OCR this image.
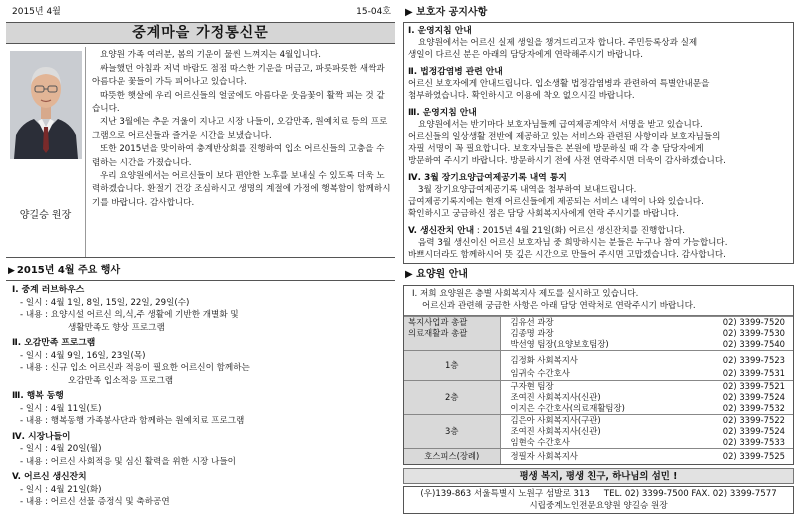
2015년 4월	15-04호
중계마을 가정통신문
양길승 원장

요양원 가족 여러분, 봄의 기운이 물씬 느껴지는 4월입니다.

싸늘했던 아침과 저녁 바람도 점점 따스한 기운을 머금고, 파릇파릇한 새싹과 아름다운 꽃들이 가득 피어나고 있습니다.

따뜻한 햇살에 우리 어르신들의 얼굴에도 아름다운 웃음꽃이 활짝 피는 것 같습니다.

지난 3월에는 추운 겨울이 지나고 시장 나들이, 오감만족, 원예치료 등의 프로그램으로 어르신들과 즐거운 시간을 보냈습니다.

또한 2015년을 맞이하여 충계반상회를 진행하여 입소 어르신들의 고충을 수렴하는 시간을 가졌습니다.

우리 요양원에서는 어르신들이 보다 편안한 노후를 보내실 수 있도록 더욱 노력하겠습니다. 환절기 건강 조심하시고 생명의 계절에 가정에 행복함이 함께하시기를 바랍니다. 감사합니다.

▶ 2015년 4월 주요 행사
I. 중계 러브하우스
- 일시 : 4월 1일, 8일, 15일, 22일, 29일(수)
- 내용 : 요양시설 어르신 의,식,주 생활에 기반한 개별화 및
생활만족도 향상 프로그램
Ⅱ. 오감만족 프로그램
- 일시 : 4월 9일, 16일, 23일(목)
- 내용 : 신규 입소 어르신과 적응이 필요한 어르신이 함께하는
오감만족 입소적응 프로그램
Ⅲ. 행복 동행
- 일시 : 4월 11일(토)
- 내용 : 행복동행 가족봉사단과 함께하는 원예치료 프로그램
Ⅳ. 시장나들이
- 일시 : 4월 20일(월)
- 내용 : 어르신 사회적응 및 심신 활력을 위한 시장 나들이
V. 어르신 생신잔치
- 일시 : 4월 21일(화)
- 내용 : 어르신 선물 증정식 및 축하공연
▶ 보호자 공지사항
I. 운영지침 안내
요양원에서는 어르신 실제 생일을 챙겨드리고자 합니다. 주민등록상과 실제
생일이 다르신 분은 아래의 담당자에게 연락해주시기 바랍니다.
Ⅱ. 법정감염병 관련 안내
어르신 보호자에게 안내드립니다. 입소생활 법정감염병과 관련하여 특별안내문을
첨부하였습니다. 확인하시고 이용에 착오 없으시길 바랍니다.
Ⅲ. 운영지침 안내
요양원에서는 반기마다 보호자님들께 급여제공계약서 서명을 받고 있습니다.
어르신들의 일상생활 전반에 제공하고 있는 서비스와 관련된 사항이라 보호자님들의
자필 서명이 꼭 필요합니다. 보호자님들은 본원에 방문하실 때 각 층 담당자에게
방문하여 주시기 바랍니다. 방문하시기 전에 사전 연락주시면 더욱이 감사하겠습니다.
Ⅳ. 3월 장기요양급여제공기록 내역 통지
3월 장기요양급여제공기록 내역을 첨부하여 보내드립니다.
급여제공기록지에는 현재 어르신들에게 제공되는 서비스 내역이 나와 있습니다.
확인하시고 궁금하신 점은 담당 사회복지사에게 연락 주시기를 바랍니다.
V. 생신잔치 안내 : 2015년 4월 21일(화) 어르신 생신잔치를 진행합니다.
음력 3월 생신이신 어르신 보호자님 중 희망하시는 분들은 누구나 참여 가능합니다.
바쁘시더라도 함께하시어 뜻 깊은 시간으로 만들어 주시면 고맙겠습니다. 감사합니다.
▶ 요양원 안내
I. 저희 요양원은 층별 사회복지사 제도를 실시하고 있습니다.
어르신과 관련해 궁금한 사항은 아래 담당 연락처로 연락주시기 바랍니다.
복지사업과 총괄	김유선 과장	02) 3399-7520
의료재활과 총괄	김종명 과장	02) 3399-7530
	박선영 팀장(요양보호팀장)	02) 3399-7540
1층	김정화 사회복지사	02) 3399-7523
	임귀숙 수간호사	02) 3399-7531
2층	구자현 팀장	02) 3399-7521
	조여진 사회복지사(신관)	02) 3399-7524
	이지은 수간호사(의료재활팀장)	02) 3399-7532
3층	김은아 사회복지사(구관)	02) 3399-7522
	조여진 사회복지사(신관)	02) 3399-7524
	임현숙 수간호사	02) 3399-7533
호스피스(장례)	정필자 사회복지사	02) 3399-7525
평생 복지, 평생 친구, 하나님의 섬민 !
(우)139-863 서울특별시 노원구 섬발로 313 TEL. 02) 3399-7500 FAX. 02) 3399-7577
시립중계노인전문요양원 양길승 원장
